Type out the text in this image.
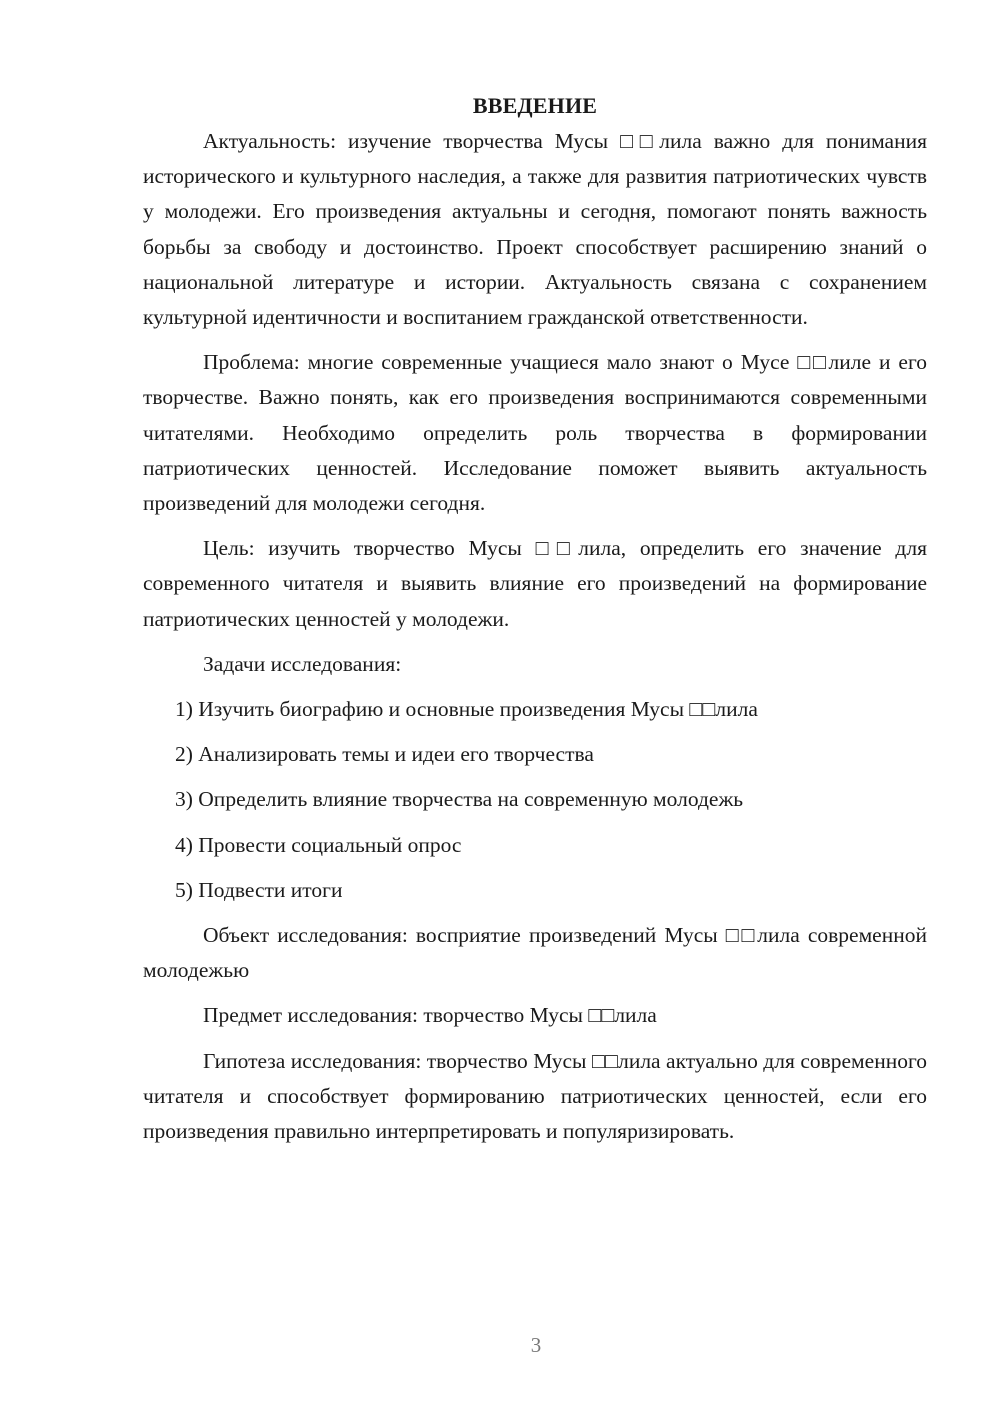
ВВЕДЕНИЕ

Актуальность: изучение творчества Мусы □□лила важно для понимания исторического и культурного наследия, а также для развития патриотических чувств у молодежи. Его произведения актуальны и сегодня, помогают понять важность борьбы за свободу и достоинство. Проект способствует расширению знаний о национальной литературе и истории. Актуальность связана с сохранением культурной идентичности и воспитанием гражданской ответственности.

Проблема: многие современные учащиеся мало знают о Мусе □□лиле и его творчестве. Важно понять, как его произведения воспринимаются современными читателями. Необходимо определить роль творчества в формировании патриотических ценностей. Исследование поможет выявить актуальность произведений для молодежи сегодня.

Цель: изучить творчество Мусы □□лила, определить его значение для современного читателя и выявить влияние его произведений на формирование патриотических ценностей у молодежи.

Задачи исследования:

1) Изучить биографию и основные произведения Мусы □□лила
2) Анализировать темы и идеи его творчества
3) Определить влияние творчества на современную молодежь
4) Провести социальный опрос
5) Подвести итоги

Объект исследования: восприятие произведений Мусы □□лила современной молодежью

Предмет исследования: творчество Мусы □□лила

Гипотеза исследования: творчество Мусы □□лила актуально для современного читателя и способствует формированию патриотических ценностей, если его произведения правильно интерпретировать и популяризировать.

3
